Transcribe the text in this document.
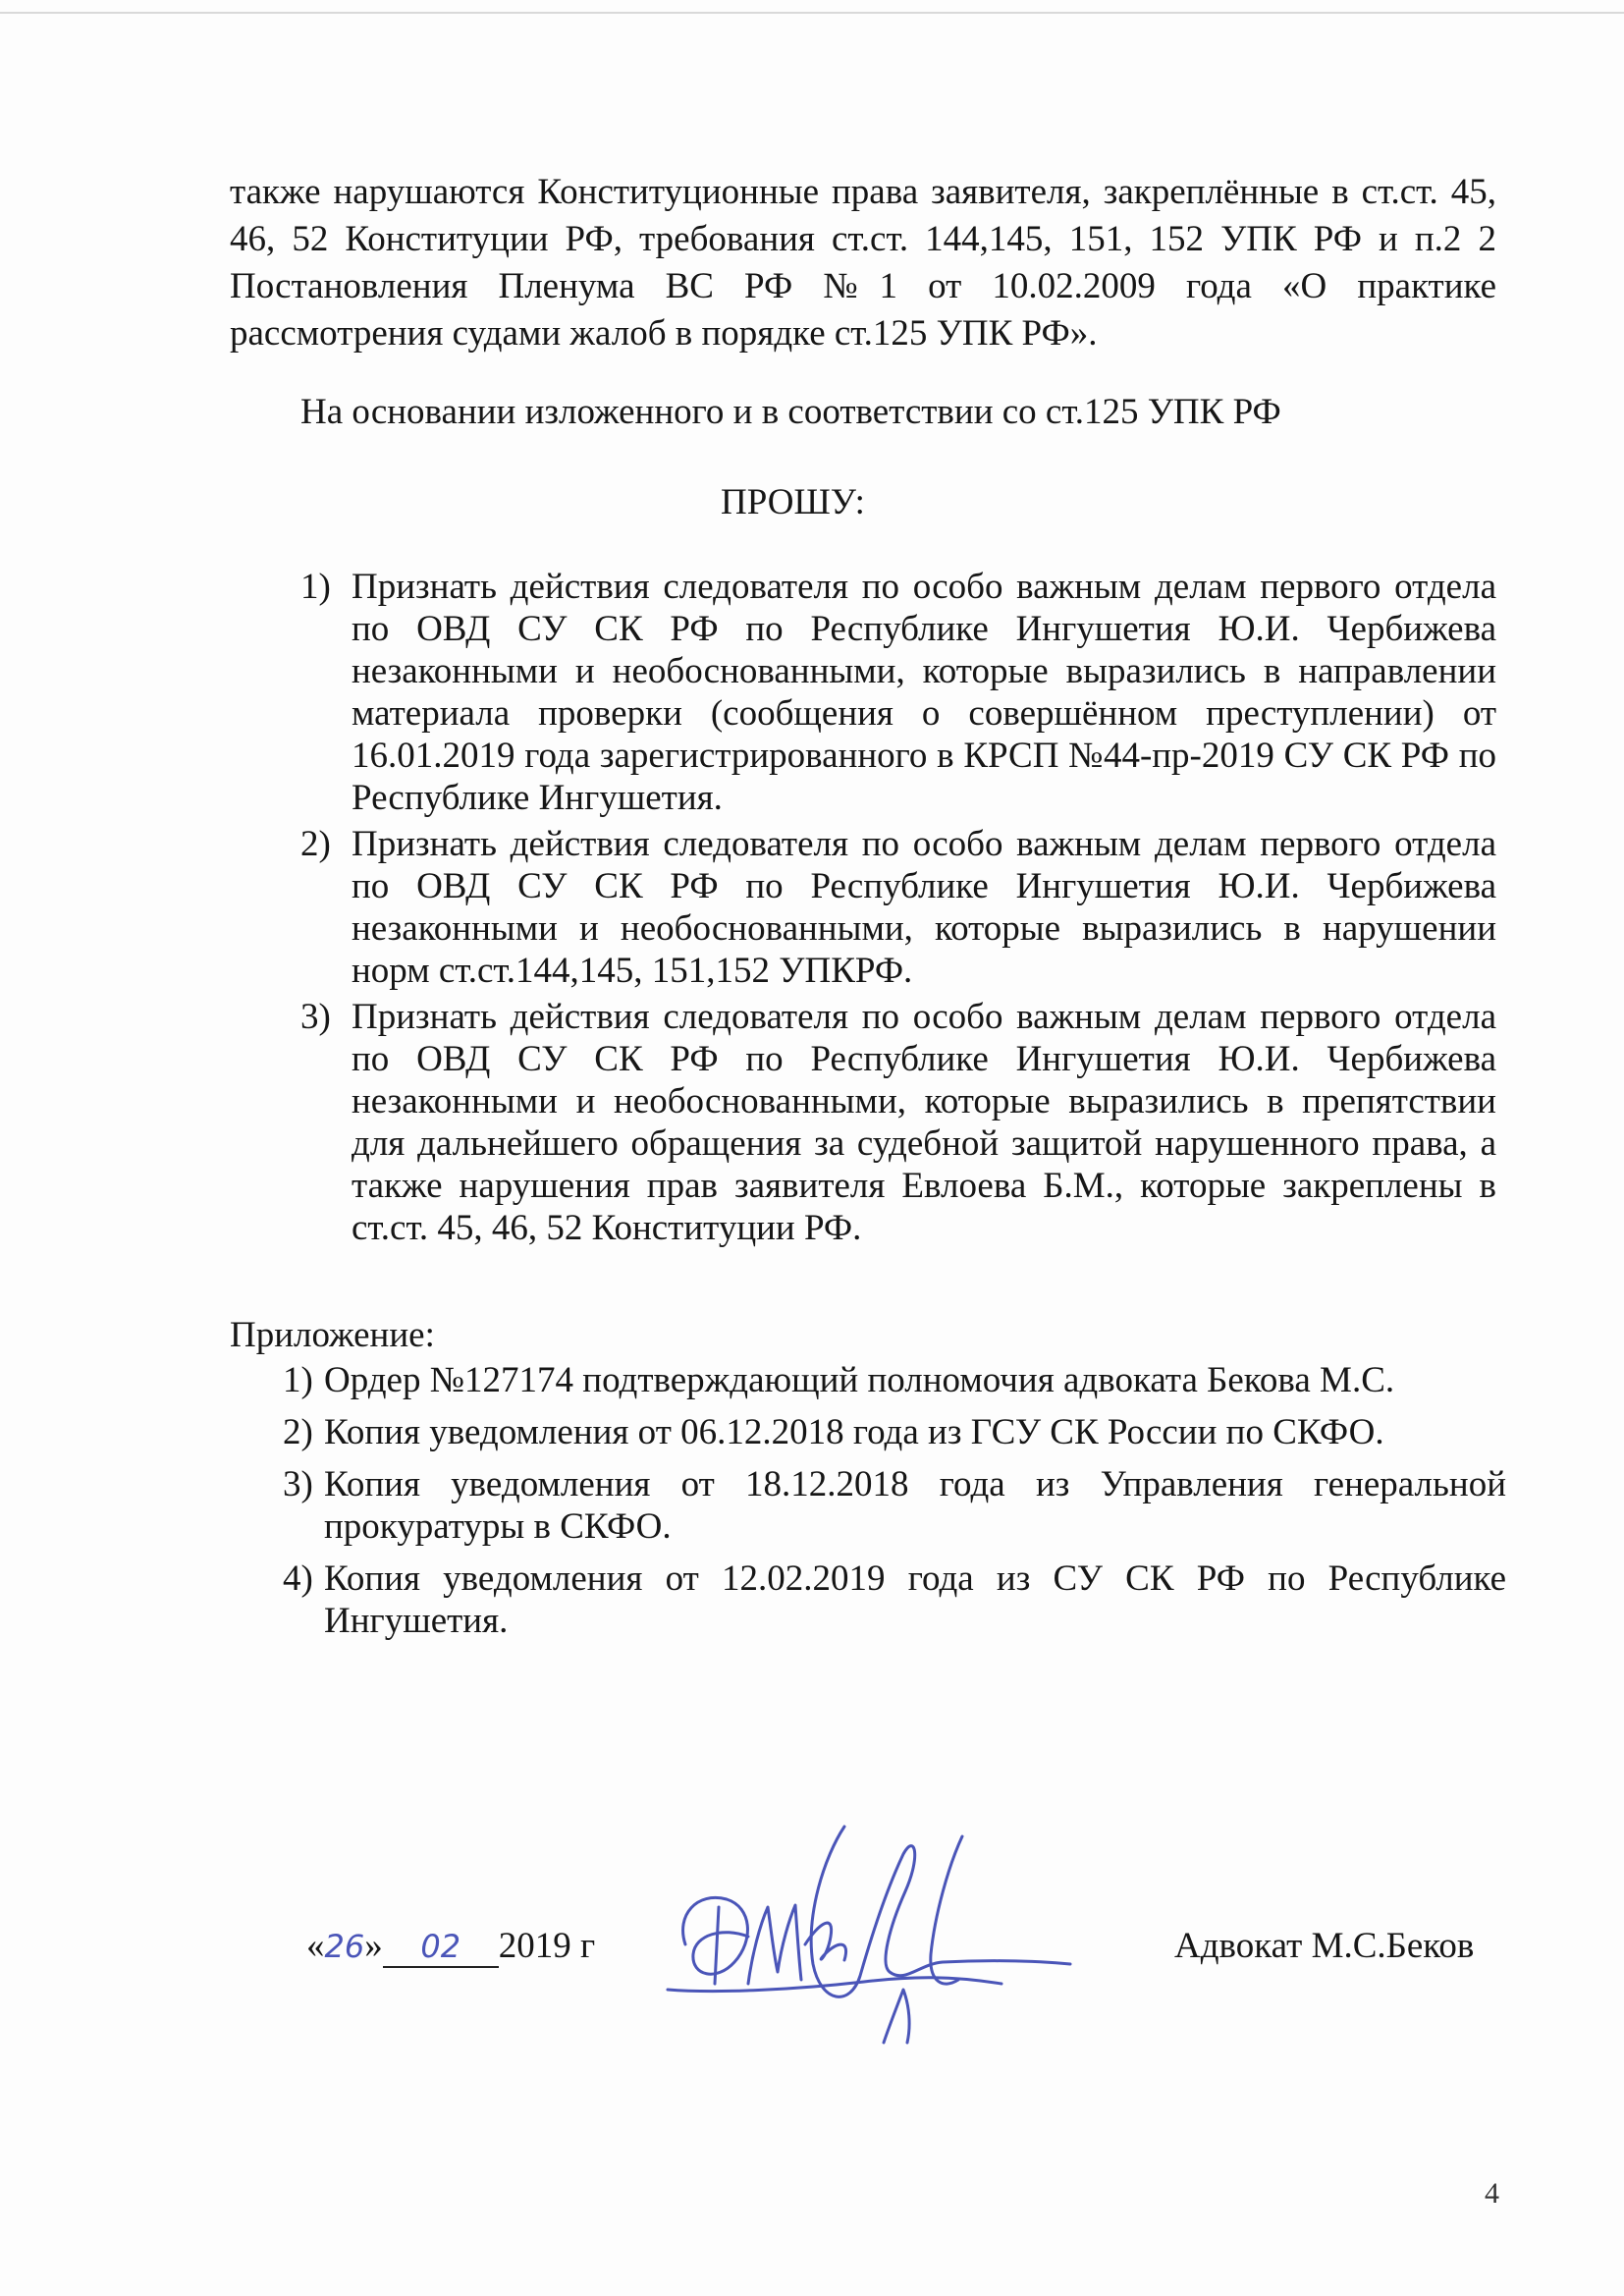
также нарушаются Конституционные права заявителя, закреплённые в ст.ст. 45, 46, 52 Конституции РФ, требования ст.ст. 144,145, 151, 152 УПК РФ и п.2 2 Постановления Пленума ВС РФ №1 от 10.02.2009 года «О практике рассмотрения судами жалоб в порядке ст.125 УПК РФ».
На основании изложенного и в соответствии со ст.125 УПК РФ
ПРОШУ:
1) Признать действия следователя по особо важным делам первого отдела по ОВД СУ СК РФ по Республике Ингушетия Ю.И. Чербижева незаконными и необоснованными, которые выразились в направлении материала проверки (сообщения о совершённом преступлении) от 16.01.2019 года зарегистрированного в КРСП №44-пр-2019 СУ СК РФ по Республике Ингушетия.
2) Признать действия следователя по особо важным делам первого отдела по ОВД СУ СК РФ по Республике Ингушетия Ю.И. Чербижева незаконными и необоснованными, которые выразились в нарушении норм ст.ст.144,145, 151,152 УПКРФ.
3) Признать действия следователя по особо важным делам первого отдела по ОВД СУ СК РФ по Республике Ингушетия Ю.И. Чербижева незаконными и необоснованными, которые выразились в препятствии для дальнейшего обращения за судебной защитой нарушенного права, а также нарушения прав заявителя Евлоева Б.М., которые закреплены в ст.ст. 45, 46, 52 Конституции РФ.
Приложение:
1) Ордер №127174 подтверждающий полномочия адвоката Бекова М.С.
2) Копия уведомления от 06.12.2018 года из ГСУ СК России по СКФО.
3) Копия уведомления от 18.12.2018 года из Управления генеральной прокуратуры в СКФО.
4) Копия уведомления от 12.02.2019 года из СУ СК РФ по Республике Ингушетия.
«26» 02 2019 г	Адвокат М.С.Беков
4
